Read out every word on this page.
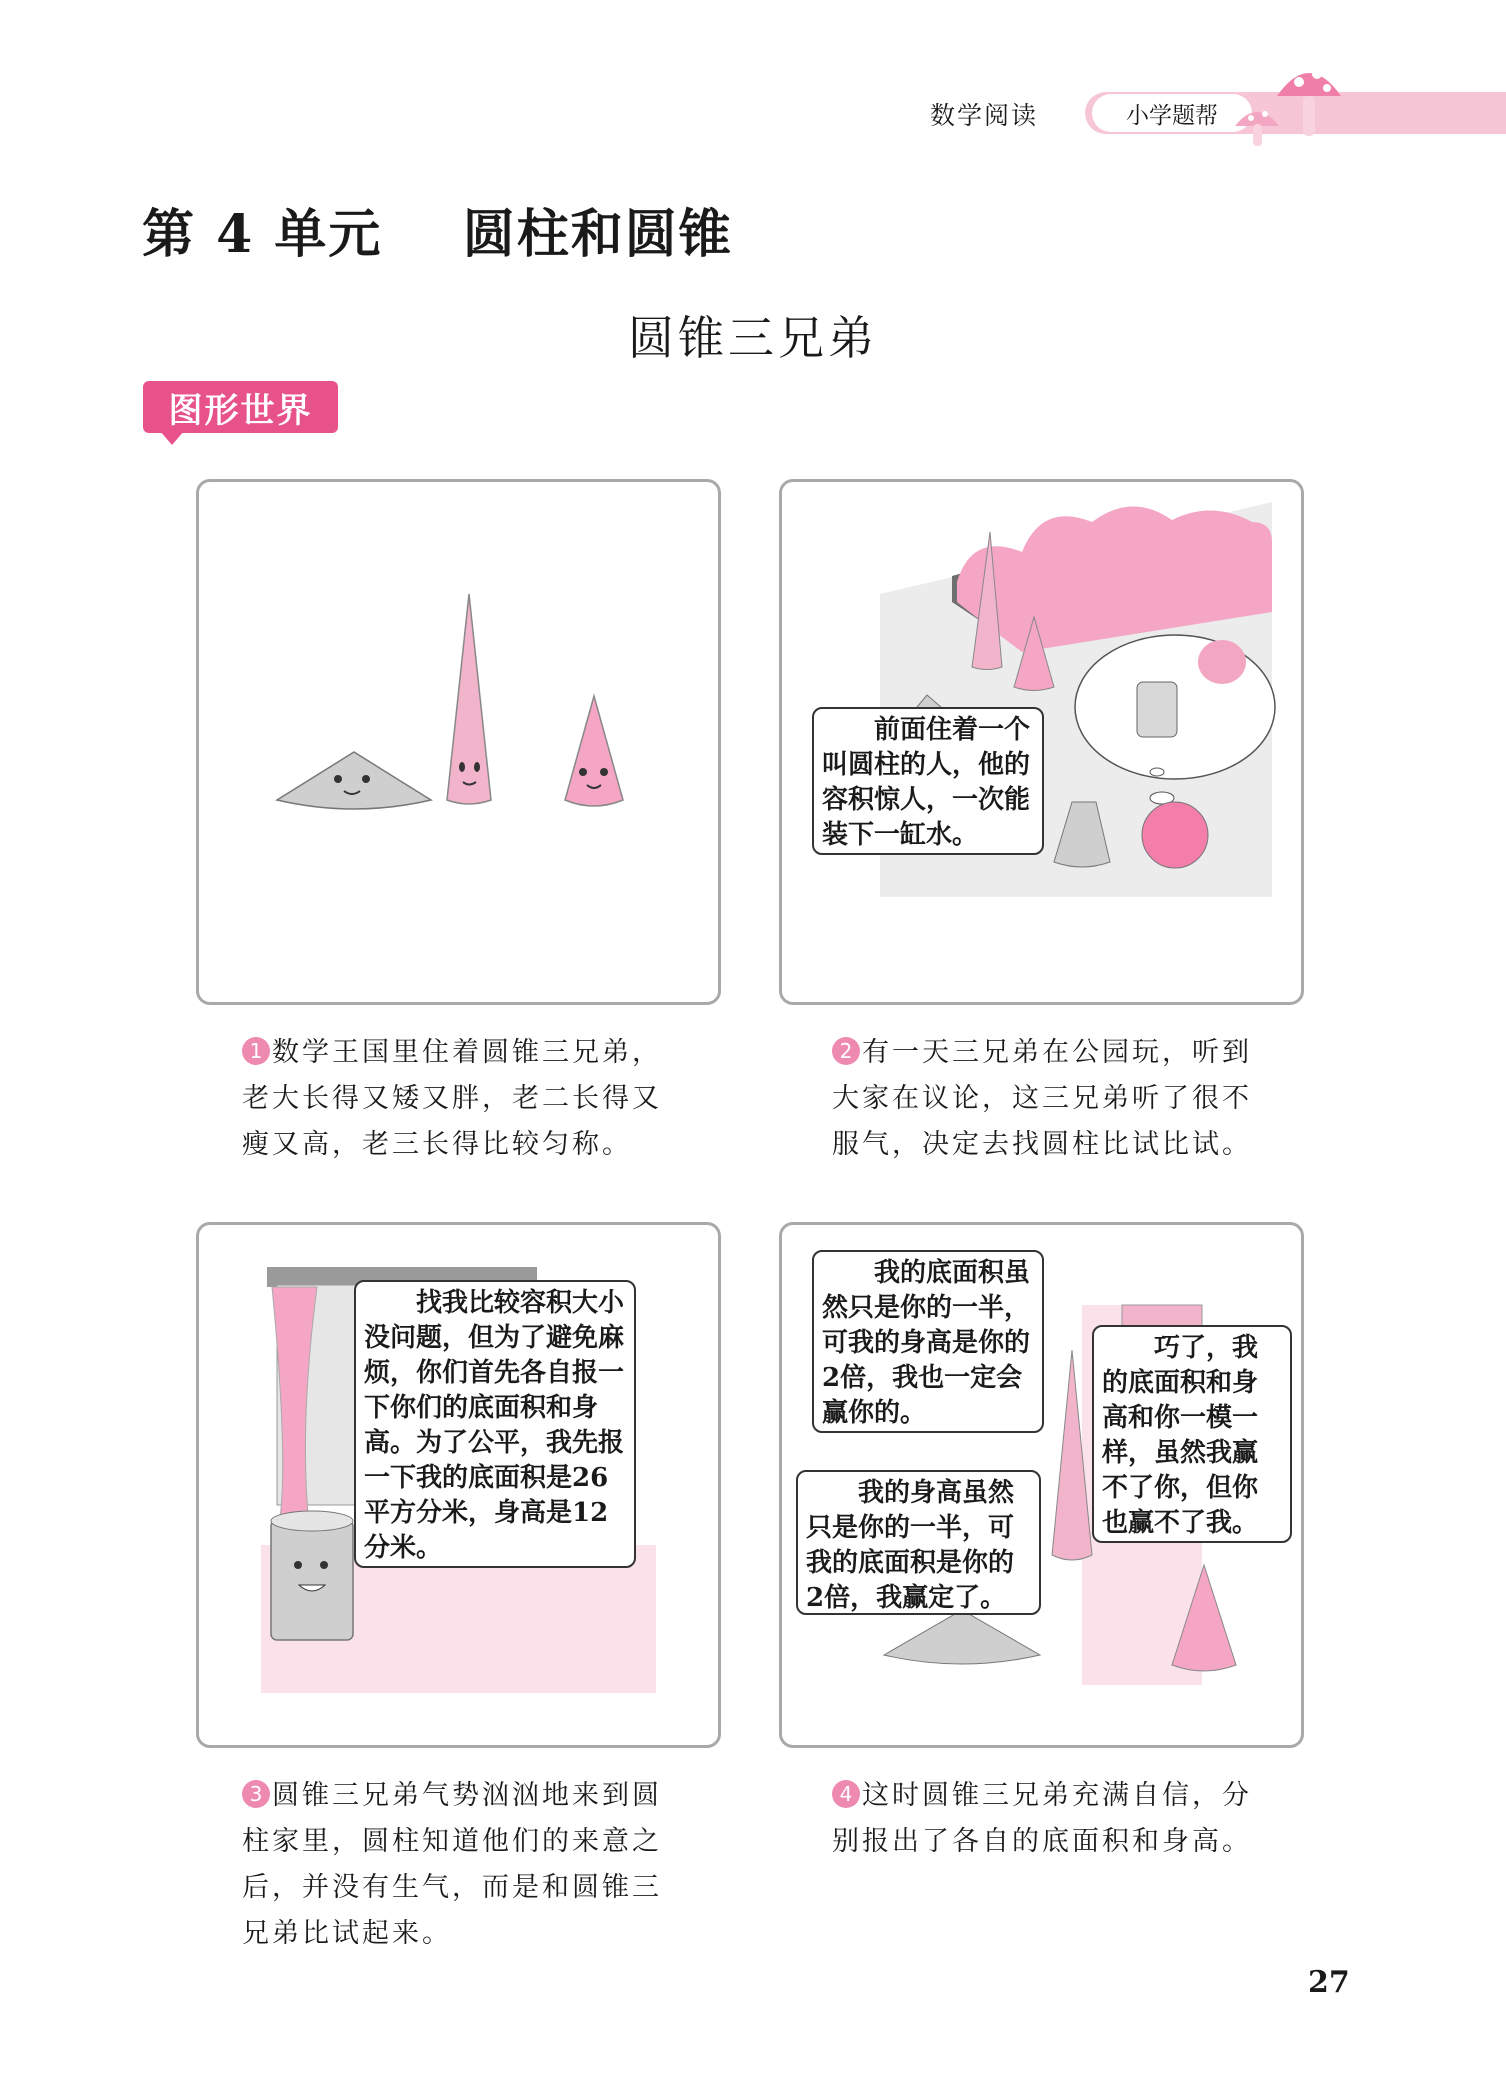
数学阅读	小学题帮
第 4 单元    圆柱和圆锥
圆锥三兄弟
图形世界
前面住着一个叫圆柱的人，他的容积惊人，一次能装下一缸水。
1 数学王国里住着圆锥三兄弟，老大长得又矮又胖，老二长得又瘦又高，老三长得比较匀称。
2 有一天三兄弟在公园玩，听到大家在议论，这三兄弟听了很不服气，决定去找圆柱比试比试。
找我比较容积大小没问题，但为了避免麻烦，你们首先各自报一下你们的底面积和身高。为了公平，我先报一下我的底面积是26平方分米，身高是12分米。
我的底面积虽然只是你的一半，可我的身高是你的2倍，我也一定会赢你的。
我的身高虽然只是你的一半，可我的底面积是你的2倍，我赢定了。
巧了，我的底面积和身高和你一模一样，虽然我赢不了你，但你也赢不了我。
3 圆锥三兄弟气势汹汹地来到圆柱家里，圆柱知道他们的来意之后，并没有生气，而是和圆锥三兄弟比试起来。
4 这时圆锥三兄弟充满自信，分别报出了各自的底面积和身高。
27
